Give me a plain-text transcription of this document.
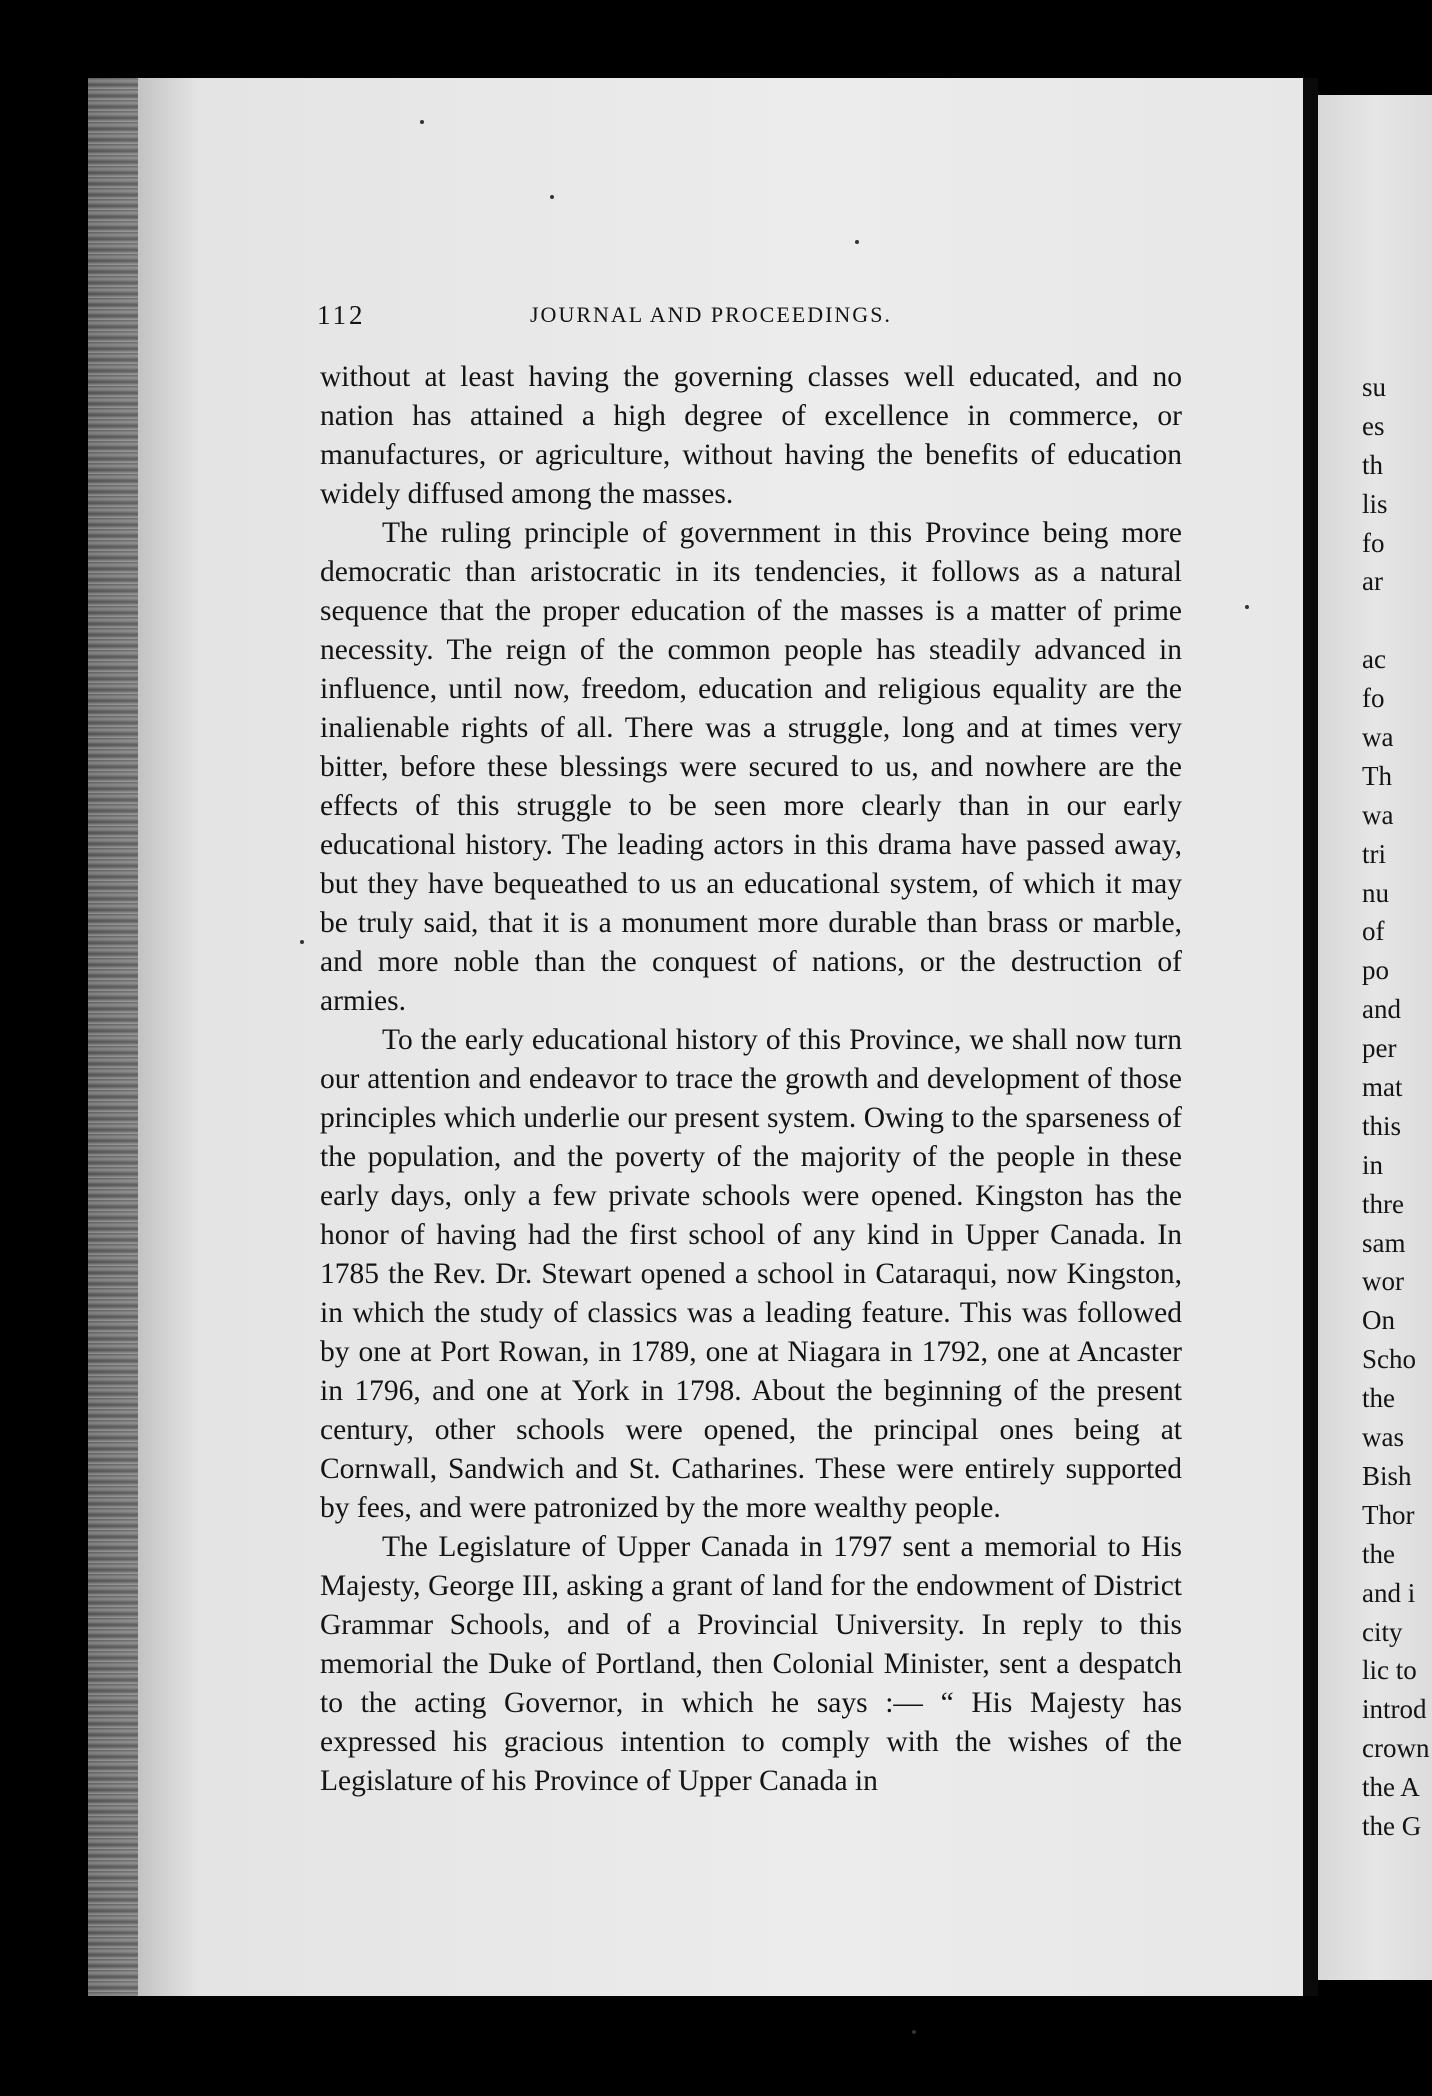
112	JOURNAL AND PROCEEDINGS.

without at least having the governing classes well educated, and no nation has attained a high degree of excellence in commerce, or manufactures, or agriculture, without having the benefits of education widely diffused among the masses.

The ruling principle of government in this Province being more democratic than aristocratic in its tendencies, it follows as a natural sequence that the proper education of the masses is a matter of prime necessity. The reign of the common people has steadily advanced in influence, until now, freedom, education and religious equality are the inalienable rights of all. There was a struggle, long and at times very bitter, before these blessings were secured to us, and nowhere are the effects of this struggle to be seen more clearly than in our early educational history. The leading actors in this drama have passed away, but they have bequeathed to us an educational system, of which it may be truly said, that it is a monument more durable than brass or marble, and more noble than the conquest of nations, or the destruction of armies.

To the early educational history of this Province, we shall now turn our attention and endeavor to trace the growth and development of those principles which underlie our present system. Owing to the sparseness of the population, and the poverty of the majority of the people in these early days, only a few private schools were opened. Kingston has the honor of having had the first school of any kind in Upper Canada. In 1785 the Rev. Dr. Stewart opened a school in Cataraqui, now Kingston, in which the study of classics was a leading feature. This was followed by one at Port Rowan, in 1789, one at Niagara in 1792, one at Ancaster in 1796, and one at York in 1798. About the beginning of the present century, other schools were opened, the principal ones being at Cornwall, Sandwich and St. Catharines. These were entirely supported by fees, and were patronized by the more wealthy people.

The Legislature of Upper Canada in 1797 sent a memorial to His Majesty, George III, asking a grant of land for the endowment of District Grammar Schools, and of a Provincial University. In reply to this memorial the Duke of Portland, then Colonial Minister, sent a despatch to the acting Governor, in which he says :— “ His Majesty has expressed his gracious intention to comply with the wishes of the Legislature of his Province of Upper Canada in

su
es
th
lis
fo
ar
ac
fo
wa
Th
wa
tri
nu
of
po
and
per
mat
this
in
thre
sam
wor
On
Scho
the
was
Bish
Thor
the
and i
city
lic to
introd
crown
the A
the G
